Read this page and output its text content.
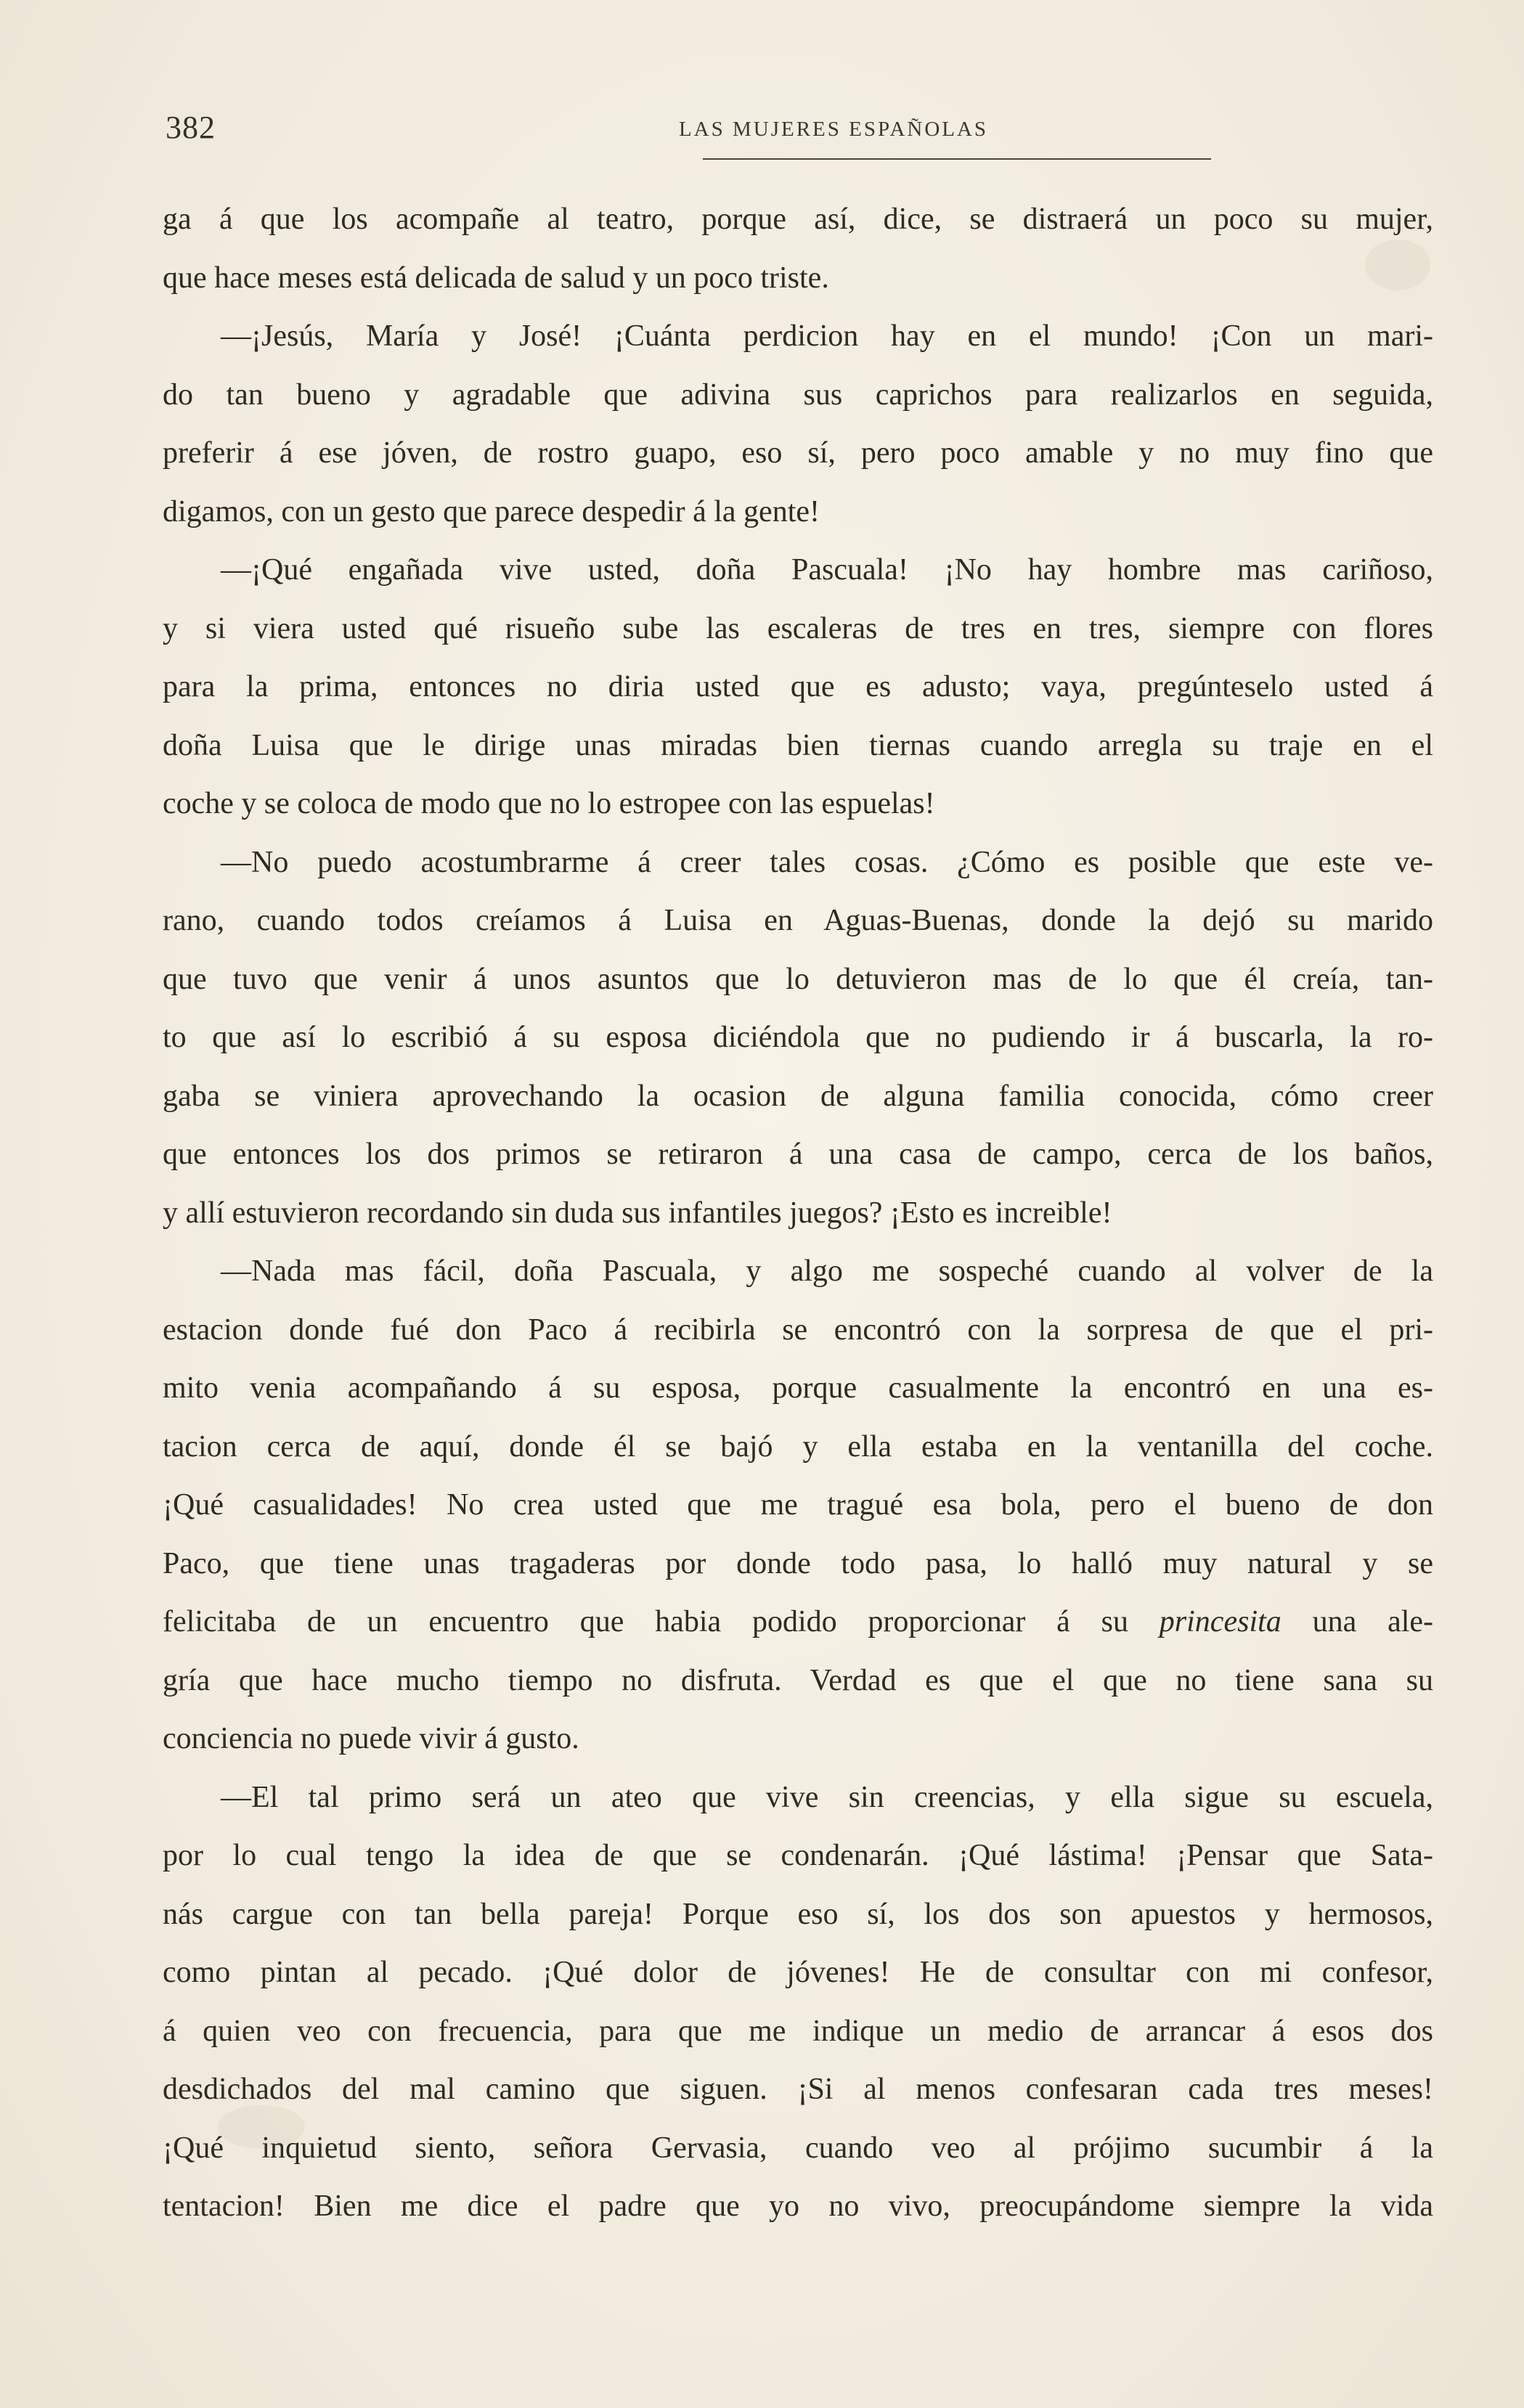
382	LAS MUJERES ESPAÑOLAS
ga á que los acompañe al teatro, porque así, dice, se distraerá un poco su mujer,
que hace meses está delicada de salud y un poco triste.
—¡Jesús, María y José! ¡Cuánta perdicion hay en el mundo! ¡Con un mari-
do tan bueno y agradable que adivina sus caprichos para realizarlos en seguida,
preferir á ese jóven, de rostro guapo, eso sí, pero poco amable y no muy fino que
digamos, con un gesto que parece despedir á la gente!
—¡Qué engañada vive usted, doña Pascuala! ¡No hay hombre mas cariñoso,
y si viera usted qué risueño sube las escaleras de tres en tres, siempre con flores
para la prima, entonces no diria usted que es adusto; vaya, pregúnteselo usted á
doña Luisa que le dirige unas miradas bien tiernas cuando arregla su traje en el
coche y se coloca de modo que no lo estropee con las espuelas!
—No puedo acostumbrarme á creer tales cosas. ¿Cómo es posible que este ve-
rano, cuando todos creíamos á Luisa en Aguas-Buenas, donde la dejó su marido
que tuvo que venir á unos asuntos que lo detuvieron mas de lo que él creía, tan-
to que así lo escribió á su esposa diciéndola que no pudiendo ir á buscarla, la ro-
gaba se viniera aprovechando la ocasion de alguna familia conocida, cómo creer
que entonces los dos primos se retiraron á una casa de campo, cerca de los baños,
y allí estuvieron recordando sin duda sus infantiles juegos? ¡Esto es increible!
—Nada mas fácil, doña Pascuala, y algo me sospeché cuando al volver de la
estacion donde fué don Paco á recibirla se encontró con la sorpresa de que el pri-
mito venia acompañando á su esposa, porque casualmente la encontró en una es-
tacion cerca de aquí, donde él se bajó y ella estaba en la ventanilla del coche.
¡Qué casualidades! No crea usted que me tragué esa bola, pero el bueno de don
Paco, que tiene unas tragaderas por donde todo pasa, lo halló muy natural y se
felicitaba de un encuentro que habia podido proporcionar á su princesita una ale-
gría que hace mucho tiempo no disfruta. Verdad es que el que no tiene sana su
conciencia no puede vivir á gusto.
—El tal primo será un ateo que vive sin creencias, y ella sigue su escuela,
por lo cual tengo la idea de que se condenarán. ¡Qué lástima! ¡Pensar que Sata-
nás cargue con tan bella pareja! Porque eso sí, los dos son apuestos y hermosos,
como pintan al pecado. ¡Qué dolor de jóvenes! He de consultar con mi confesor,
á quien veo con frecuencia, para que me indique un medio de arrancar á esos dos
desdichados del mal camino que siguen. ¡Si al menos confesaran cada tres meses!
¡Qué inquietud siento, señora Gervasia, cuando veo al prójimo sucumbir á la
tentacion! Bien me dice el padre que yo no vivo, preocupándome siempre la vida
